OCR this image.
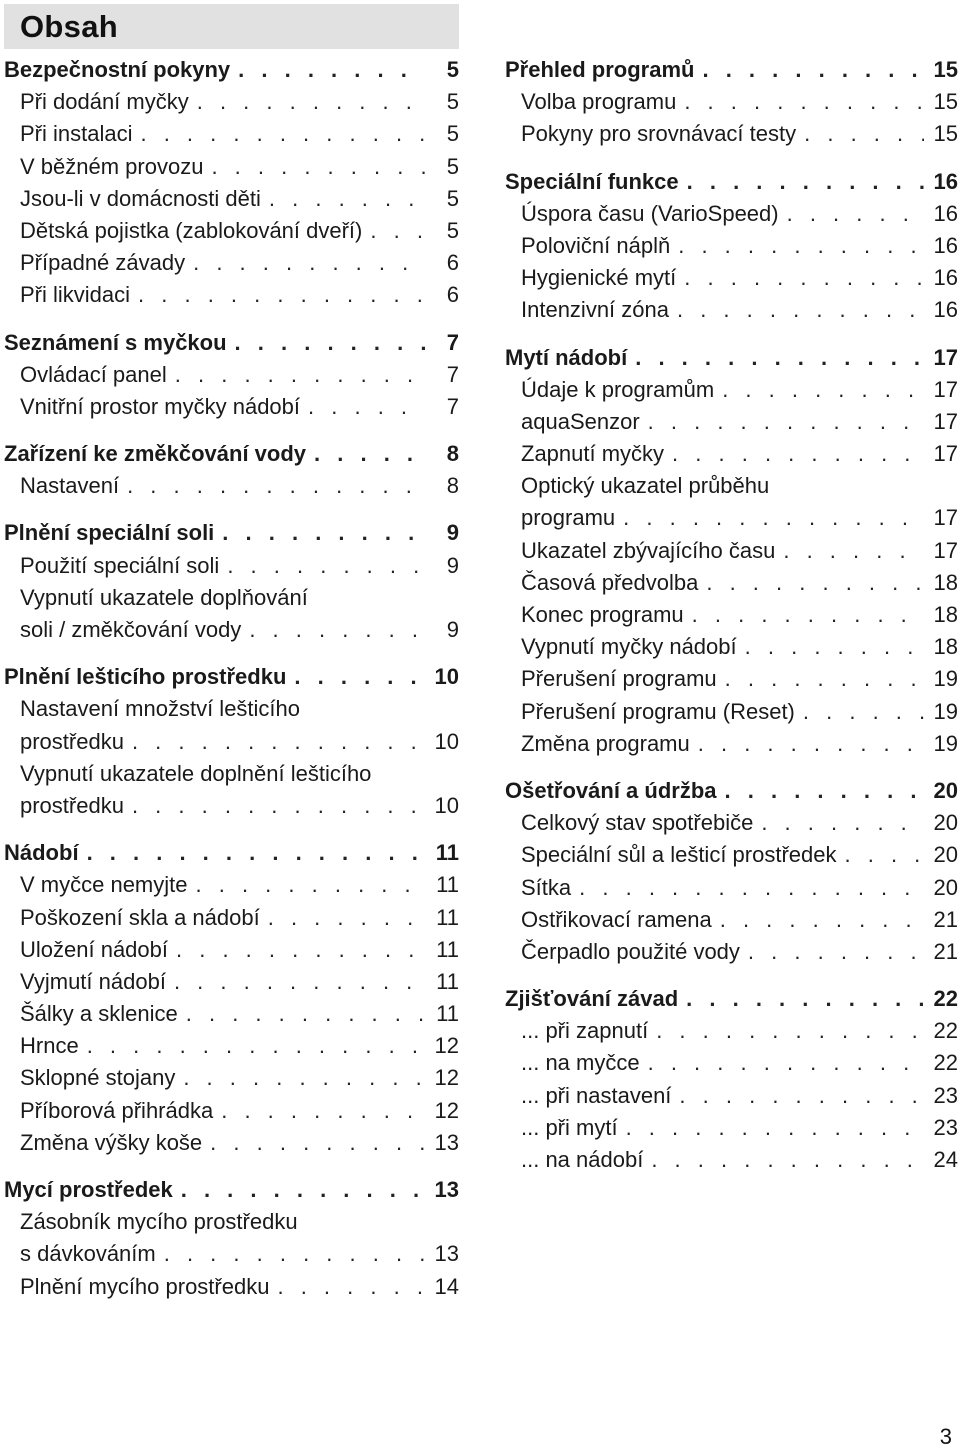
Obsah
Bezpečnostní pokyny . . .	5
Při dodání myčky . . .	5
Při instalaci . . .	5
V běžném provozu . . .	5
Jsou-li v domácnosti děti . . .	5
Dětská pojistka (zablokování dveří) . . .	5
Případné závady . . .	6
Při likvidaci . . .	6
Seznámení s myčkou . . .	7
Ovládací panel . . .	7
Vnitřní prostor myčky nádobí . . .	7
Zařízení ke změkčování vody . . .	8
Nastavení . . .	8
Plnění speciální soli . . .	9
Použití speciální soli . . .	9
Vypnutí ukazatele doplňování
soli / změkčování vody . . .	9
Plnění lešticího prostředku . . .	10
Nastavení množství lešticího
prostředku . . .	10
Vypnutí ukazatele doplnění lešticího
prostředku . . .	10
Nádobí . . .	11
V myčce nemyjte . . .	11
Poškození skla a nádobí . . .	11
Uložení nádobí . . .	11
Vyjmutí nádobí . . .	11
Šálky a sklenice . . .	11
Hrnce . . .	12
Sklopné stojany . . .	12
Příborová přihrádka . . .	12
Změna výšky koše . . .	13
Mycí prostředek . . .	13
Zásobník mycího prostředku
s dávkováním . . .	13
Plnění mycího prostředku . . .	14
Přehled programů . . .	15
Volba programu . . .	15
Pokyny pro srovnávací testy . . .	15
Speciální funkce . . .	16
Úspora času (VarioSpeed) . . .	16
Poloviční náplň . . .	16
Hygienické mytí . . .	16
Intenzivní zóna . . .	16
Mytí nádobí . . .	17
Údaje k programům . . .	17
aquaSenzor . . .	17
Zapnutí myčky . . .	17
Optický ukazatel průběhu
programu . . .	17
Ukazatel zbývajícího času . . .	17
Časová předvolba . . .	18
Konec programu . . .	18
Vypnutí myčky nádobí . . .	18
Přerušení programu . . .	19
Přerušení programu (Reset) . . .	19
Změna programu . . .	19
Ošetřování a údržba . . .	20
Celkový stav spotřebiče . . .	20
Speciální sůl a lešticí prostředek . . .	20
Sítka . . .	20
Ostřikovací ramena . . .	21
Čerpadlo použité vody . . .	21
Zjišťování závad . . .	22
... při zapnutí . . .	22
... na myčce . . .	22
... při nastavení . . .	23
... při mytí . . .	23
... na nádobí . . .	24
3
